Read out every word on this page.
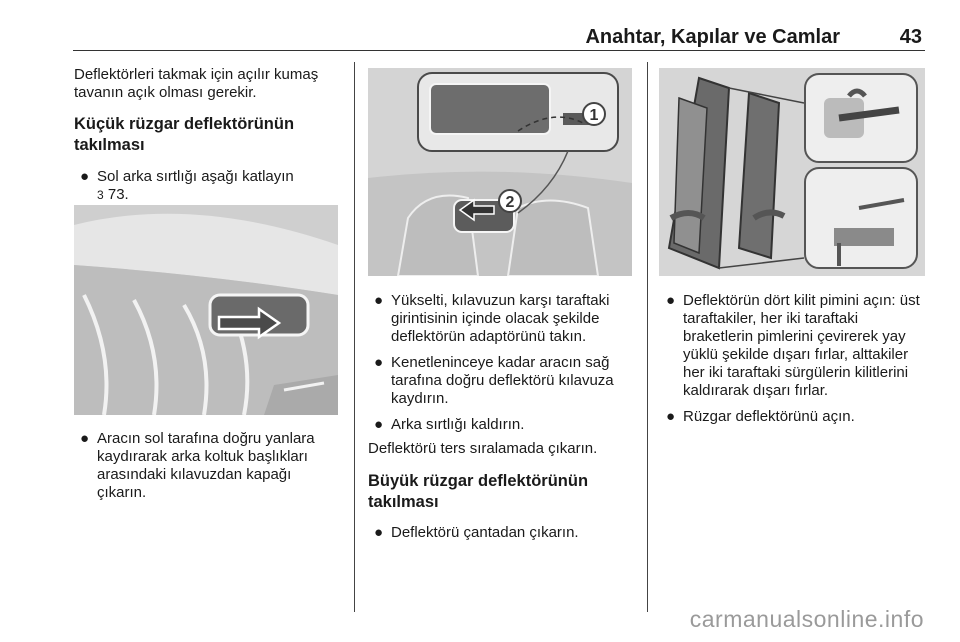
Anahtar, Kapılar ve Camlar	43

Deflektörleri takmak için açılır kumaş tavanın açık olması gerekir.

Küçük rüzgar deflektörünün takılması

● Sol arka sırtlığı aşağı katlayın
3 73.
● Aracın sol tarafına doğru yanlara kaydırarak arka koltuk başlıkları arasındaki kılavuzdan kapağı çıkarın.
1
2
● Yükselti, kılavuzun karşı taraftaki girintisinin içinde olacak şekilde deflektörün adaptörünü takın.
● Kenetleninceye kadar aracın sağ tarafına doğru deflektörü kılavuza kaydırın.
● Arka sırtlığı kaldırın.

Deflektörü ters sıralamada çıkarın.

Büyük rüzgar deflektörünün takılması

● Deflektörü çantadan çıkarın.
● Deflektörün dört kilit pimini açın: üst taraftakiler, her iki taraftaki braketlerin pimlerini çevirerek yay yüklü şekilde dışarı fırlar, alttakiler her iki taraftaki sürgülerin kilitlerini kaldırarak dışarı fırlar.
● Rüzgar deflektörünü açın.
carmanualsonline.info
